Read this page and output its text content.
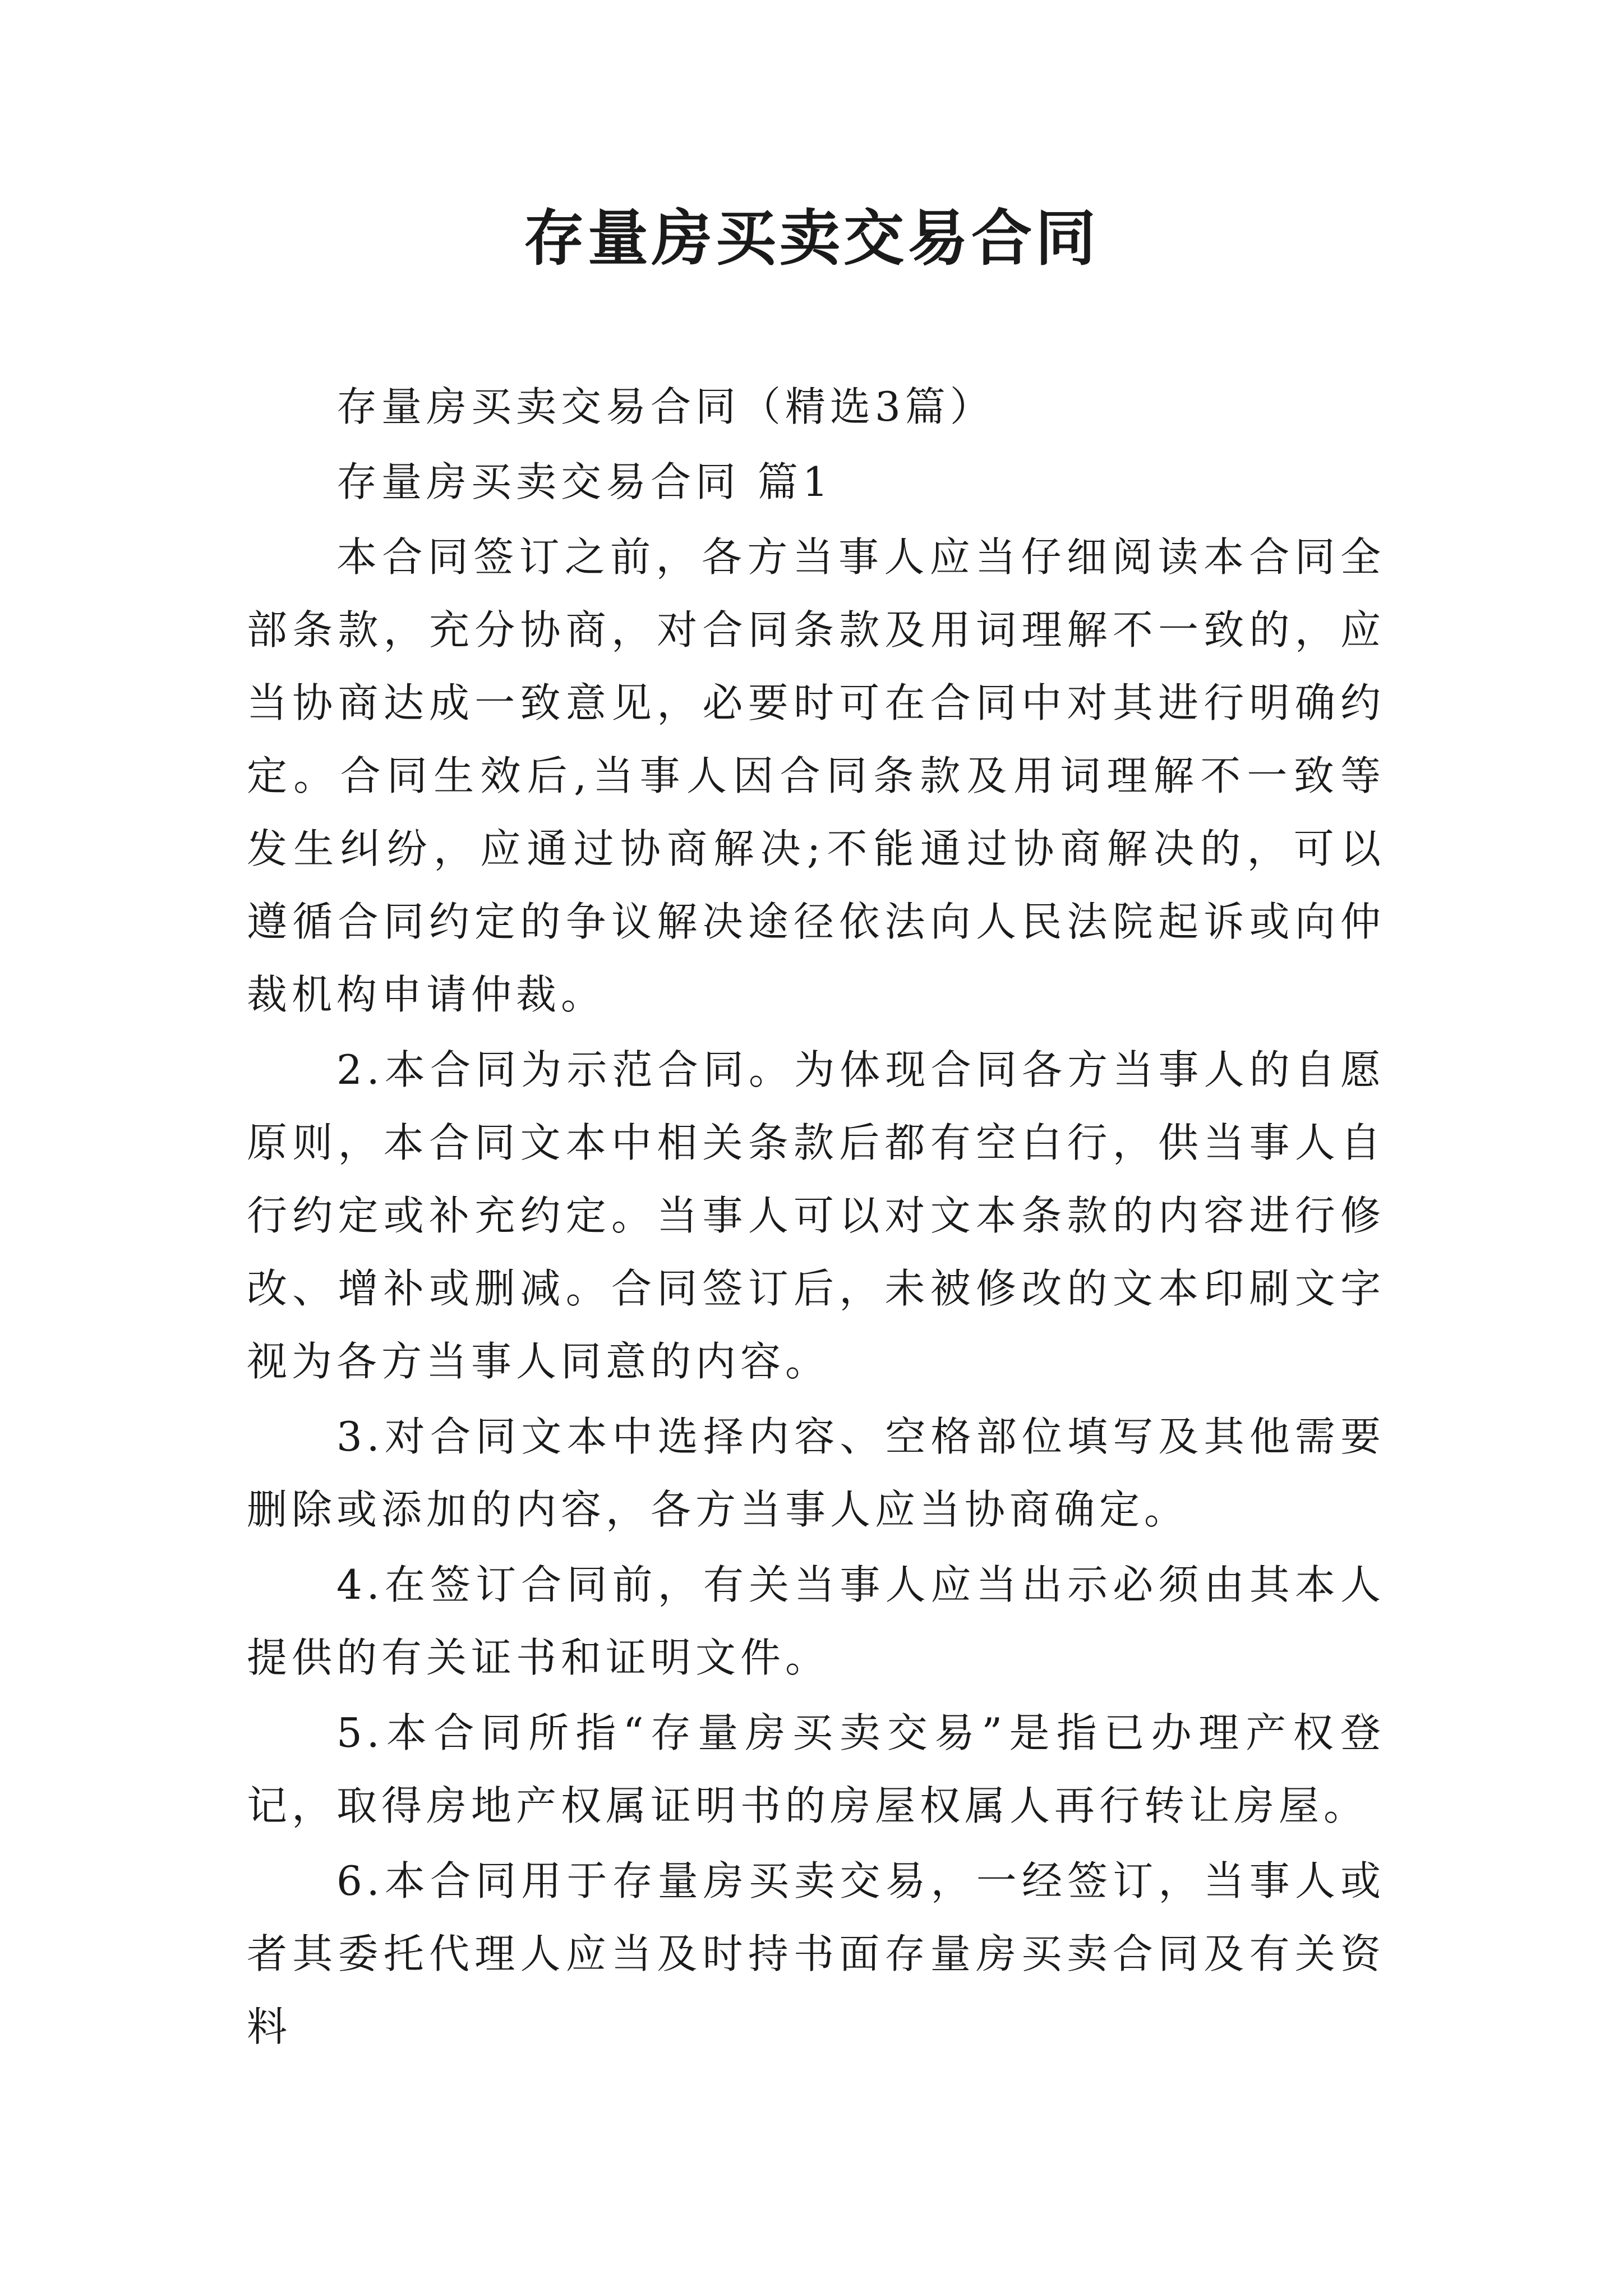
存量房买卖交易合同

存量房买卖交易合同（精选3篇）

存量房买卖交易合同 篇1

本合同签订之前，各方当事人应当仔细阅读本合同全部条款，充分协商，对合同条款及用词理解不一致的，应当协商达成一致意见，必要时可在合同中对其进行明确约定。合同生效后,当事人因合同条款及用词理解不一致等发生纠纷，应通过协商解决;不能通过协商解决的，可以遵循合同约定的争议解决途径依法向人民法院起诉或向仲裁机构申请仲裁。

2.本合同为示范合同。为体现合同各方当事人的自愿原则，本合同文本中相关条款后都有空白行，供当事人自行约定或补充约定。当事人可以对文本条款的内容进行修改、增补或删减。合同签订后，未被修改的文本印刷文字视为各方当事人同意的内容。

3.对合同文本中选择内容、空格部位填写及其他需要删除或添加的内容，各方当事人应当协商确定。

4.在签订合同前，有关当事人应当出示必须由其本人提供的有关证书和证明文件。

5.本合同所指“存量房买卖交易”是指已办理产权登记，取得房地产权属证明书的房屋权属人再行转让房屋。

6.本合同用于存量房买卖交易，一经签订，当事人或者其委托代理人应当及时持书面存量房买卖合同及有关资料
